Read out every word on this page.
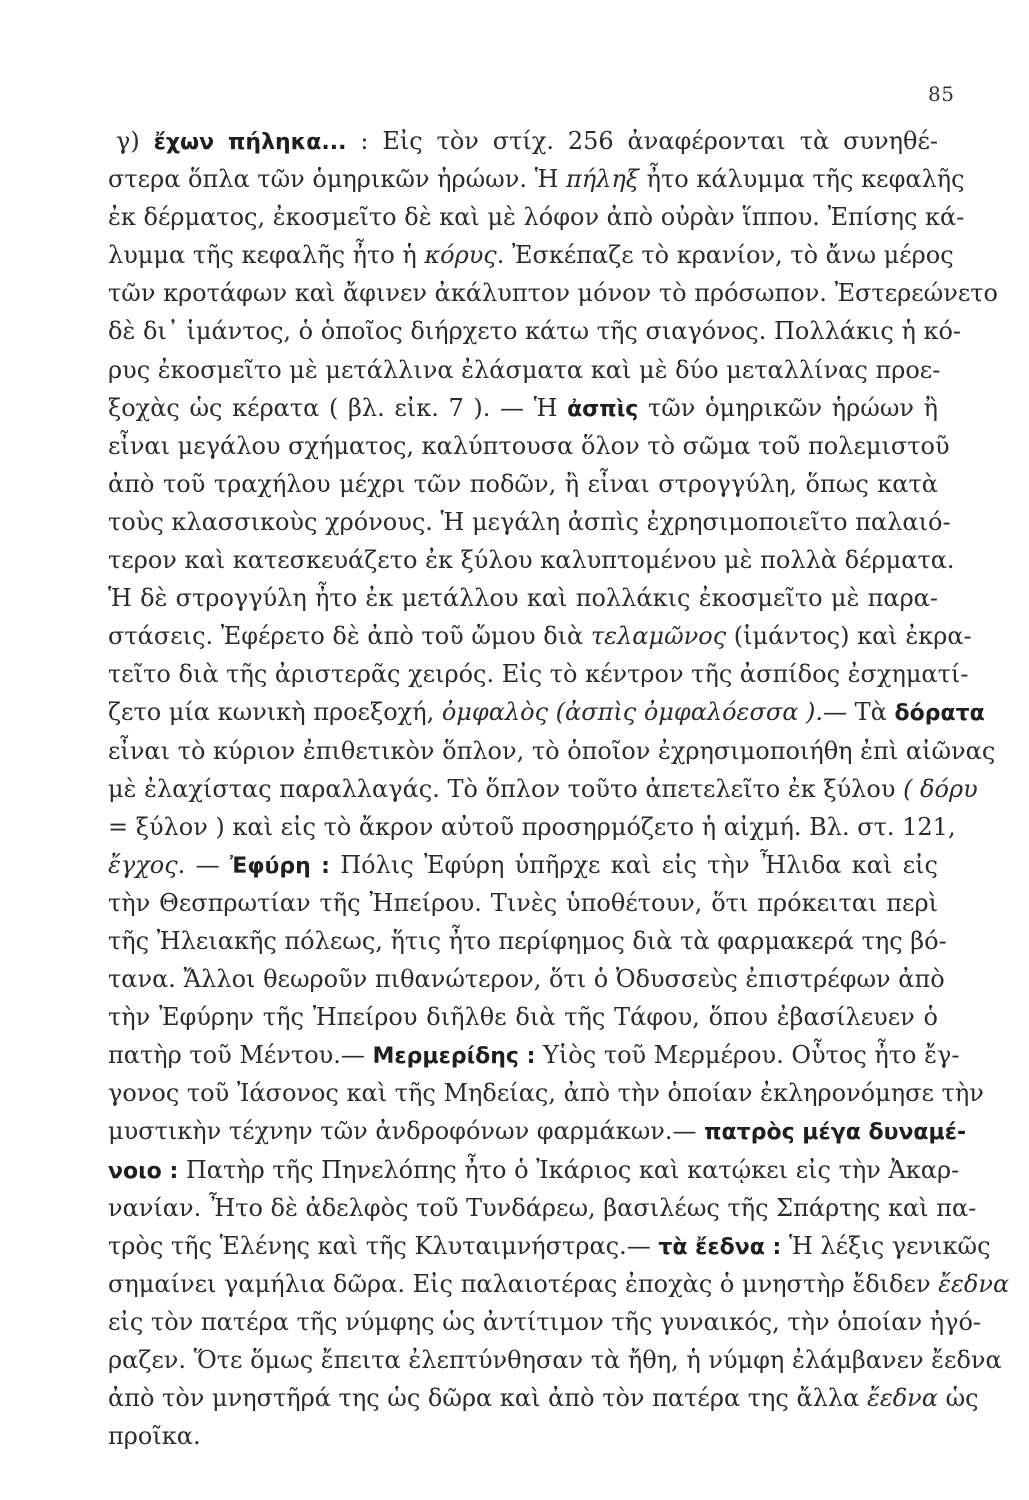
85
γ) ἔχων πήληκα... : Εἰς τὸν στίχ. 256 ἀναφέρονται τὰ συνηθέ-
στερα ὅπλα τῶν ὁμηρικῶν ἡρώων. Ἡ πήληξ ἦτο κάλυμμα τῆς κεφαλῆς
ἐκ δέρματος, ἐκοσμεῖτο δὲ καὶ μὲ λόφον ἀπὸ οὐρὰν ἵππου. Ἐπίσης κά-
λυμμα τῆς κεφαλῆς ἦτο ἡ κόρυς. Ἐσκέπαζε τὸ κρανίον, τὸ ἄνω μέρος
τῶν κροτάφων καὶ ἄφινεν ἀκάλυπτον μόνον τὸ πρόσωπον. Ἐστερεώνετο
δὲ δι᾽ ἱμάντος, ὁ ὁποῖος διήρχετο κάτω τῆς σιαγόνος. Πολλάκις ἡ κό-
ρυς ἐκοσμεῖτο μὲ μετάλλινα ἐλάσματα καὶ μὲ δύο μεταλλίνας προε-
ξοχὰς ὡς κέρατα ( βλ. εἰκ. 7 ). — Ἡ ἀσπὶς τῶν ὁμηρικῶν ἡρώων ἢ
εἶναι μεγάλου σχήματος, καλύπτουσα ὅλον τὸ σῶμα τοῦ πολεμιστοῦ
ἀπὸ τοῦ τραχήλου μέχρι τῶν ποδῶν, ἢ εἶναι στρογγύλη, ὅπως κατὰ
τοὺς κλασσικοὺς χρόνους. Ἡ μεγάλη ἀσπὶς ἐχρησιμοποιεῖτο παλαιό-
τερον καὶ κατεσκευάζετο ἐκ ξύλου καλυπτομένου μὲ πολλὰ δέρματα.
Ἡ δὲ στρογγύλη ἦτο ἐκ μετάλλου καὶ πολλάκις ἐκοσμεῖτο μὲ παρα-
στάσεις. Ἐφέρετο δὲ ἀπὸ τοῦ ὤμου διὰ τελαμῶνος (ἱμάντος) καὶ ἐκρα-
τεῖτο διὰ τῆς ἀριστερᾶς χειρός. Εἰς τὸ κέντρον τῆς ἀσπίδος ἐσχηματί-
ζετο μία κωνικὴ προεξοχή, ὀμφαλὸς (ἀσπὶς ὀμφαλόεσσα ).— Τὰ δόρατα
εἶναι τὸ κύριον ἐπιθετικὸν ὅπλον, τὸ ὁποῖον ἐχρησιμοποιήθη ἐπὶ αἰῶνας
μὲ ἐλαχίστας παραλλαγάς. Τὸ ὅπλον τοῦτο ἀπετελεῖτο ἐκ ξύλου ( δόρυ
= ξύλον ) καὶ εἰς τὸ ἄκρον αὐτοῦ προσηρμόζετο ἡ αἰχμή. Βλ. στ. 121,
ἔγχος. — Ἐφύρη : Πόλις Ἐφύρη ὑπῆρχε καὶ εἰς τὴν Ἦλιδα καὶ εἰς
τὴν Θεσπρωτίαν τῆς Ἠπείρου. Τινὲς ὑποθέτουν, ὅτι πρόκειται περὶ
τῆς Ἠλειακῆς πόλεως, ἥτις ἦτο περίφημος διὰ τὰ φαρμακερά της βό-
τανα. Ἄλλοι θεωροῦν πιθανώτερον, ὅτι ὁ Ὀδυσσεὺς ἐπιστρέφων ἀπὸ
τὴν Ἐφύρην τῆς Ἠπείρου διῆλθε διὰ τῆς Τάφου, ὅπου ἐβασίλευεν ὁ
πατὴρ τοῦ Μέντου.— Μερμερίδης : Υἱὸς τοῦ Μερμέρου. Οὗτος ἦτο ἔγ-
γονος τοῦ Ἰάσονος καὶ τῆς Μηδείας, ἀπὸ τὴν ὁποίαν ἐκληρονόμησε τὴν
μυστικὴν τέχνην τῶν ἀνδροφόνων φαρμάκων.— πατρὸς μέγα δυναμέ-
νοιο : Πατὴρ τῆς Πηνελόπης ἦτο ὁ Ἰκάριος καὶ κατῴκει εἰς τὴν Ἀκαρ-
νανίαν. Ἦτο δὲ ἀδελφὸς τοῦ Τυνδάρεω, βασιλέως τῆς Σπάρτης καὶ πα-
τρὸς τῆς Ἑλένης καὶ τῆς Κλυταιμνήστρας.— τὰ ἔεδνα : Ἡ λέξις γενικῶς
σημαίνει γαμήλια δῶρα. Εἰς παλαιοτέρας ἐποχὰς ὁ μνηστὴρ ἔδιδεν ἔεδνα
εἰς τὸν πατέρα τῆς νύμφης ὡς ἀντίτιμον τῆς γυναικός, τὴν ὁποίαν ἠγό-
ραζεν. Ὅτε ὅμως ἔπειτα ἐλεπτύνθησαν τὰ ἤθη, ἡ νύμφη ἐλάμβανεν ἔεδνα
ἀπὸ τὸν μνηστῆρά της ὡς δῶρα καὶ ἀπὸ τὸν πατέρα της ἄλλα ἔεδνα ὡς
προῖκα.
